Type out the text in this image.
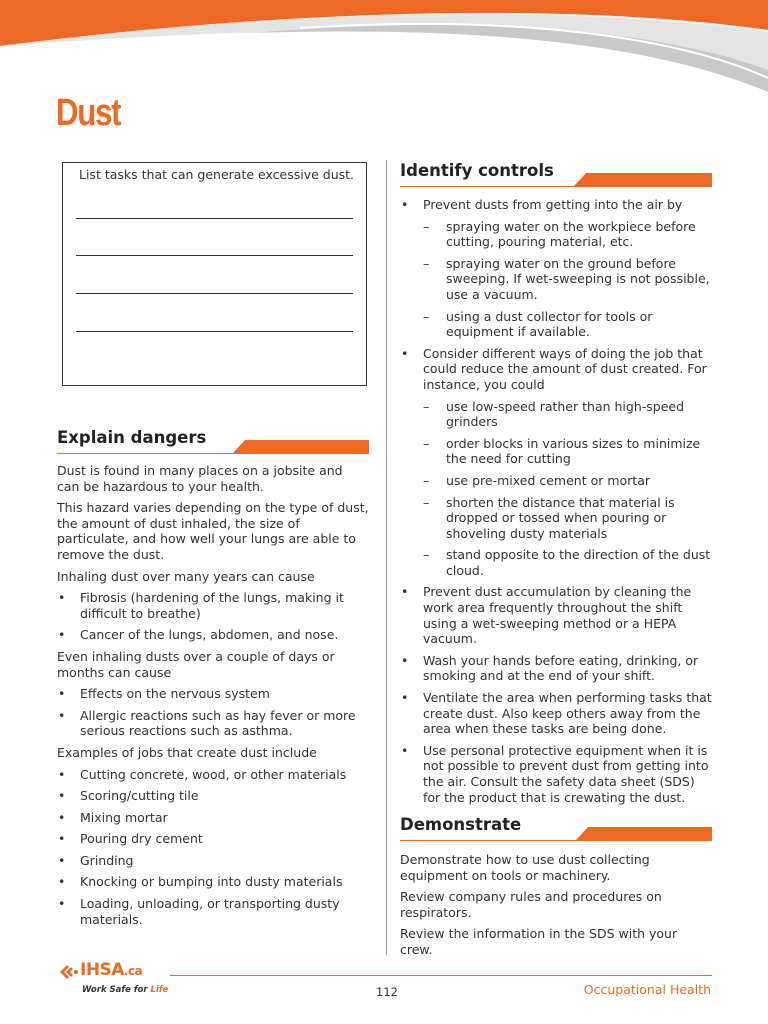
Dust
List tasks that can generate excessive dust.
Explain dangers
Dust is found in many places on a jobsite and can be hazardous to your health.
This hazard varies depending on the type of dust, the amount of dust inhaled, the size of particulate, and how well your lungs are able to remove the dust.
Inhaling dust over many years can cause
• Fibrosis (hardening of the lungs, making it difficult to breathe)
• Cancer of the lungs, abdomen, and nose.
Even inhaling dusts over a couple of days or months can cause
• Effects on the nervous system
• Allergic reactions such as hay fever or more serious reactions such as asthma.
Examples of jobs that create dust include
• Cutting concrete, wood, or other materials
• Scoring/cutting tile
• Mixing mortar
• Pouring dry cement
• Grinding
• Knocking or bumping into dusty materials
• Loading, unloading, or transporting dusty materials.
Identify controls
• Prevent dusts from getting into the air by
– spraying water on the workpiece before cutting, pouring material, etc.
– spraying water on the ground before sweeping. If wet-sweeping is not possible, use a vacuum.
– using a dust collector for tools or equipment if available.
• Consider different ways of doing the job that could reduce the amount of dust created. For instance, you could
– use low-speed rather than high-speed grinders
– order blocks in various sizes to minimize the need for cutting
– use pre-mixed cement or mortar
– shorten the distance that material is dropped or tossed when pouring or shoveling dusty materials
– stand opposite to the direction of the dust cloud.
• Prevent dust accumulation by cleaning the work area frequently throughout the shift using a wet-sweeping method or a HEPA vacuum.
• Wash your hands before eating, drinking, or smoking and at the end of your shift.
• Ventilate the area when performing tasks that create dust. Also keep others away from the area when these tasks are being done.
• Use personal protective equipment when it is not possible to prevent dust from getting into the air. Consult the safety data sheet (SDS) for the product that is crewating the dust.
Demonstrate
Demonstrate how to use dust collecting equipment on tools or machinery.
Review company rules and procedures on respirators.
Review the information in the SDS with your crew.
IHSA.ca
Work Safe for Life	112	Occupational Health
